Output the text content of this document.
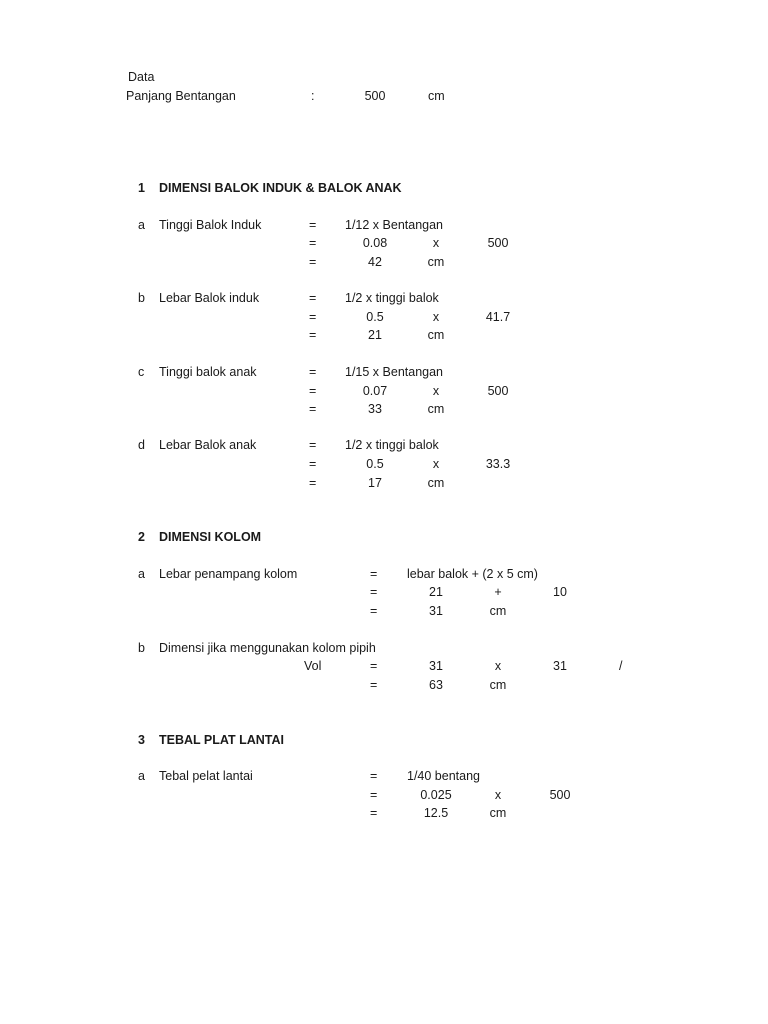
Data
Panjang Bentangan	:	500	cm
1 DIMENSI BALOK INDUK & BALOK ANAK
a Tinggi Balok Induk	= 1/12 x Bentangan
=	0.08	x	500
=	42	cm
b Lebar Balok induk	= 1/2 x tinggi balok
=	0.5	x	41.7
=	21	cm
c Tinggi balok anak	= 1/15 x Bentangan
=	0.07	x	500
=	33	cm
d Lebar Balok anak	= 1/2 x tinggi balok
=	0.5	x	33.3
=	17	cm
2 DIMENSI KOLOM
a Lebar penampang kolom	= lebar balok + (2 x 5 cm)
=	21	+	10
=	31	cm
b Dimensi jika menggunakan kolom pipih
Vol	=	31	x	31	/
=	63	cm
3 TEBAL PLAT LANTAI
a Tebal pelat lantai	= 1/40 bentang
=	0.025	x	500
=	12.5	cm
